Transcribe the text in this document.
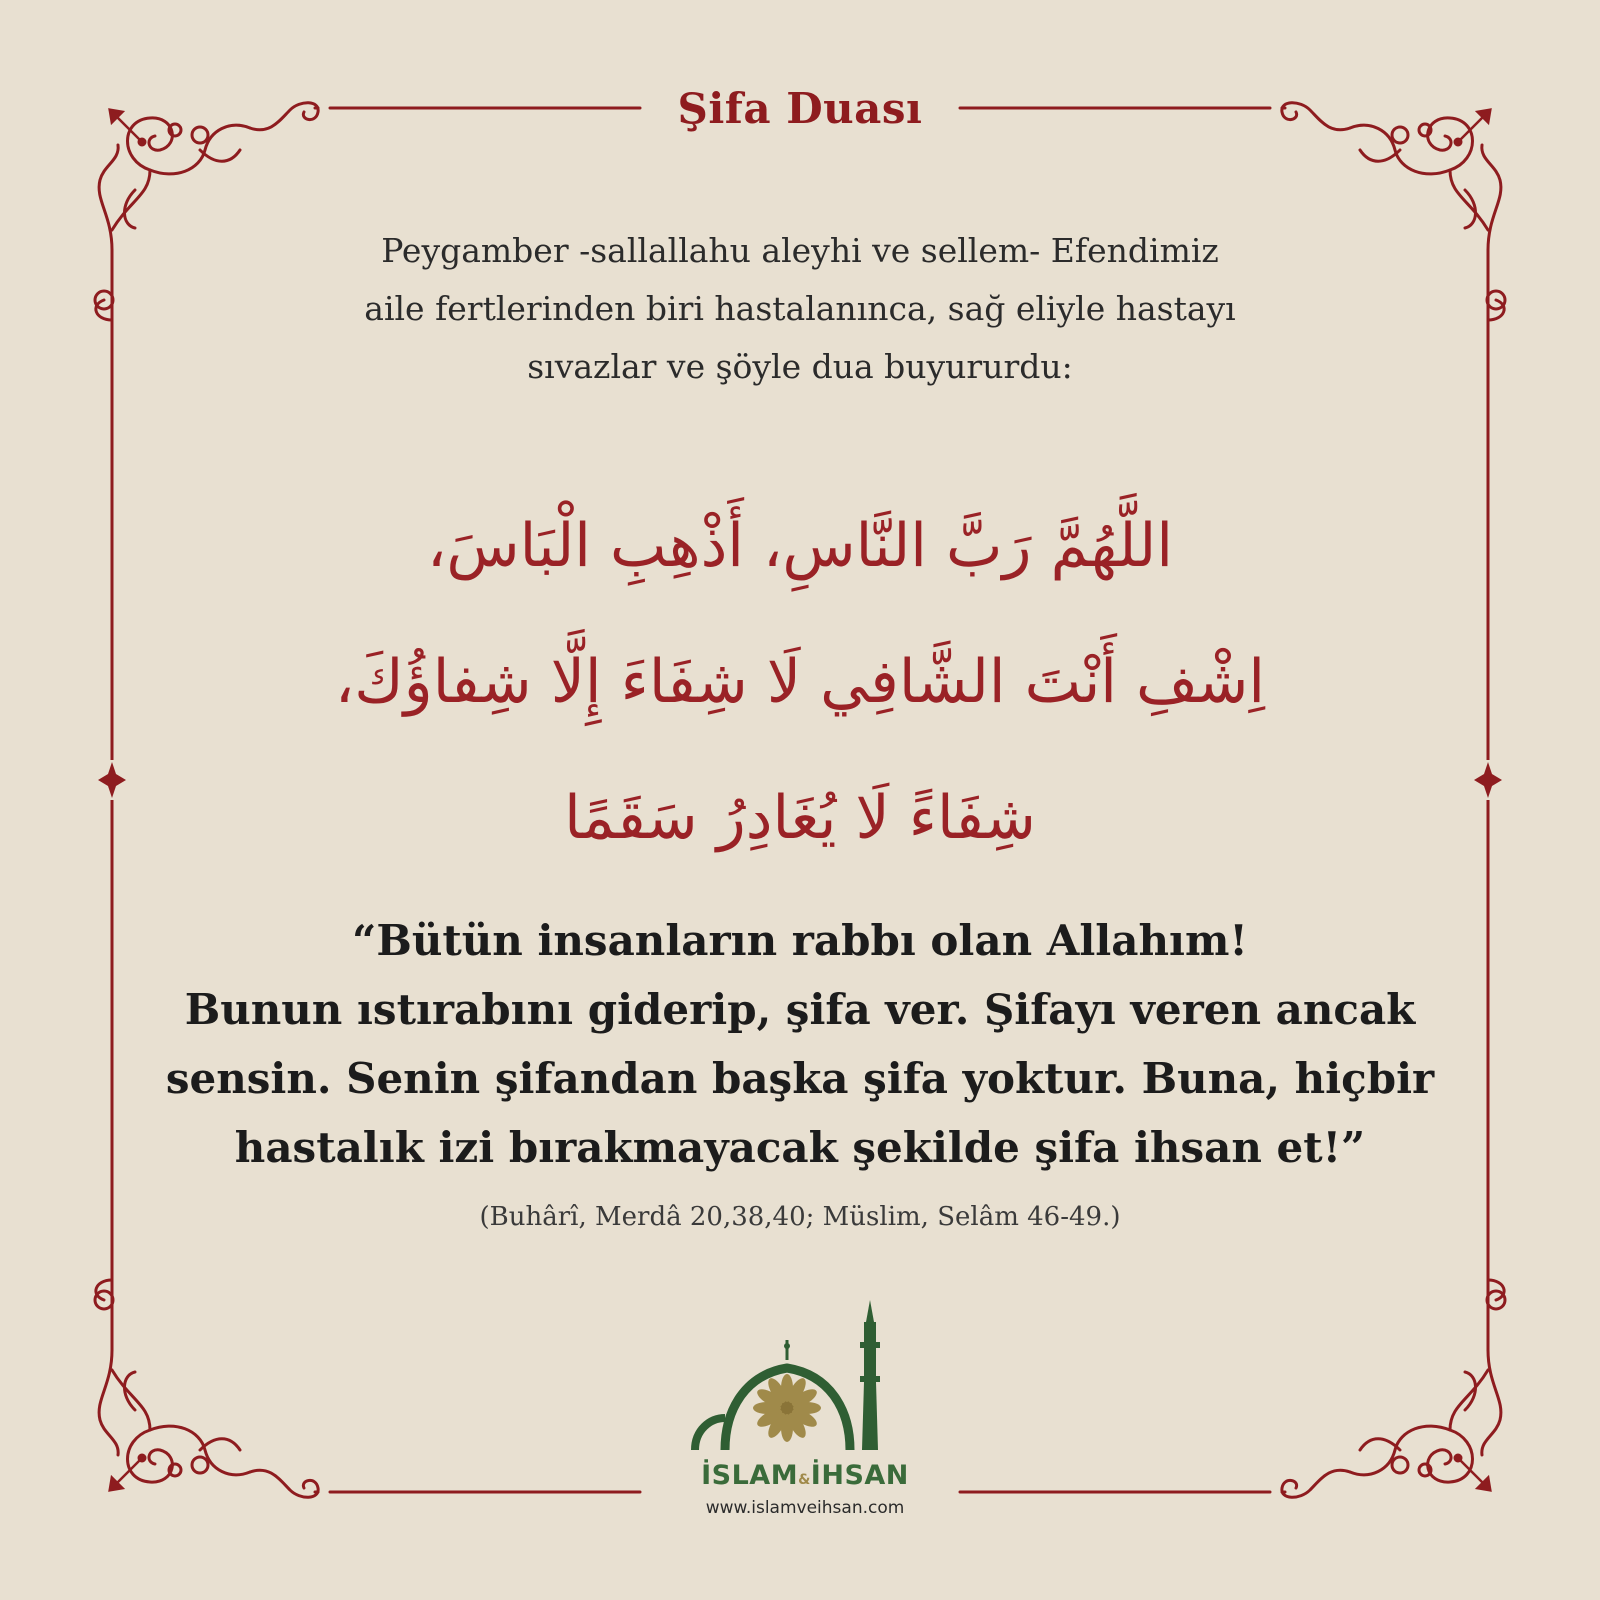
Şifa Duası
Peygamber -sallallahu aleyhi ve sellem- Efendimiz
aile fertlerinden biri hastalanınca, sağ eliyle hastayı
sıvazlar ve şöyle dua buyururdu:
اللَّهُمَّ رَبَّ النَّاسِ، أَذْهِبِ الْبَاسَ،
اِشْفِ أَنْتَ الشَّافِي لَا شِفَاءَ إِلَّا شِفاؤُكَ،
شِفَاءً لَا يُغَادِرُ سَقَمًا
“Bütün insanların rabbı olan Allahım!
Bunun ıstırabını giderip, şifa ver. Şifayı veren ancak
sensin. Senin şifandan başka şifa yoktur. Buna, hiçbir
hastalık izi bırakmayacak şekilde şifa ihsan et!”
(Buhârî, Merdâ 20,38,40; Müslim, Selâm 46-49.)
İSLAM&İHSAN
www.islamveihsan.com
